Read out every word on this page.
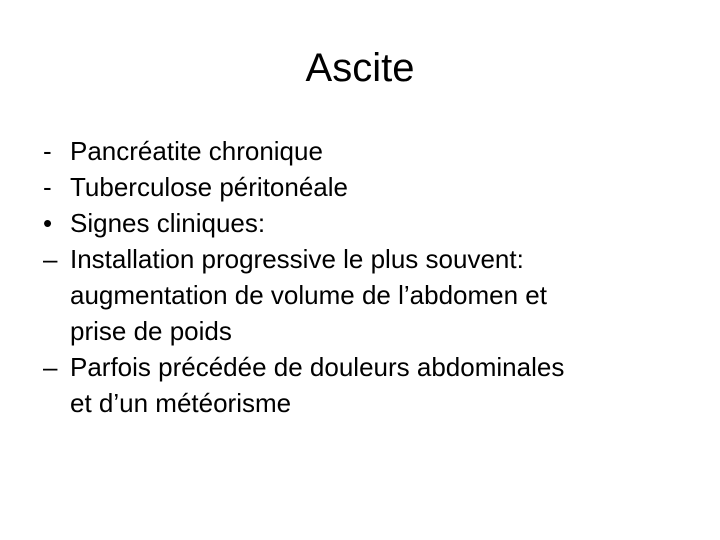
Ascite
- Pancréatite chronique
- Tuberculose péritonéale
• Signes cliniques:
– Installation progressive le plus souvent:
augmentation de volume de l’abdomen et
prise de poids
– Parfois précédée de douleurs abdominales
et d’un météorisme
